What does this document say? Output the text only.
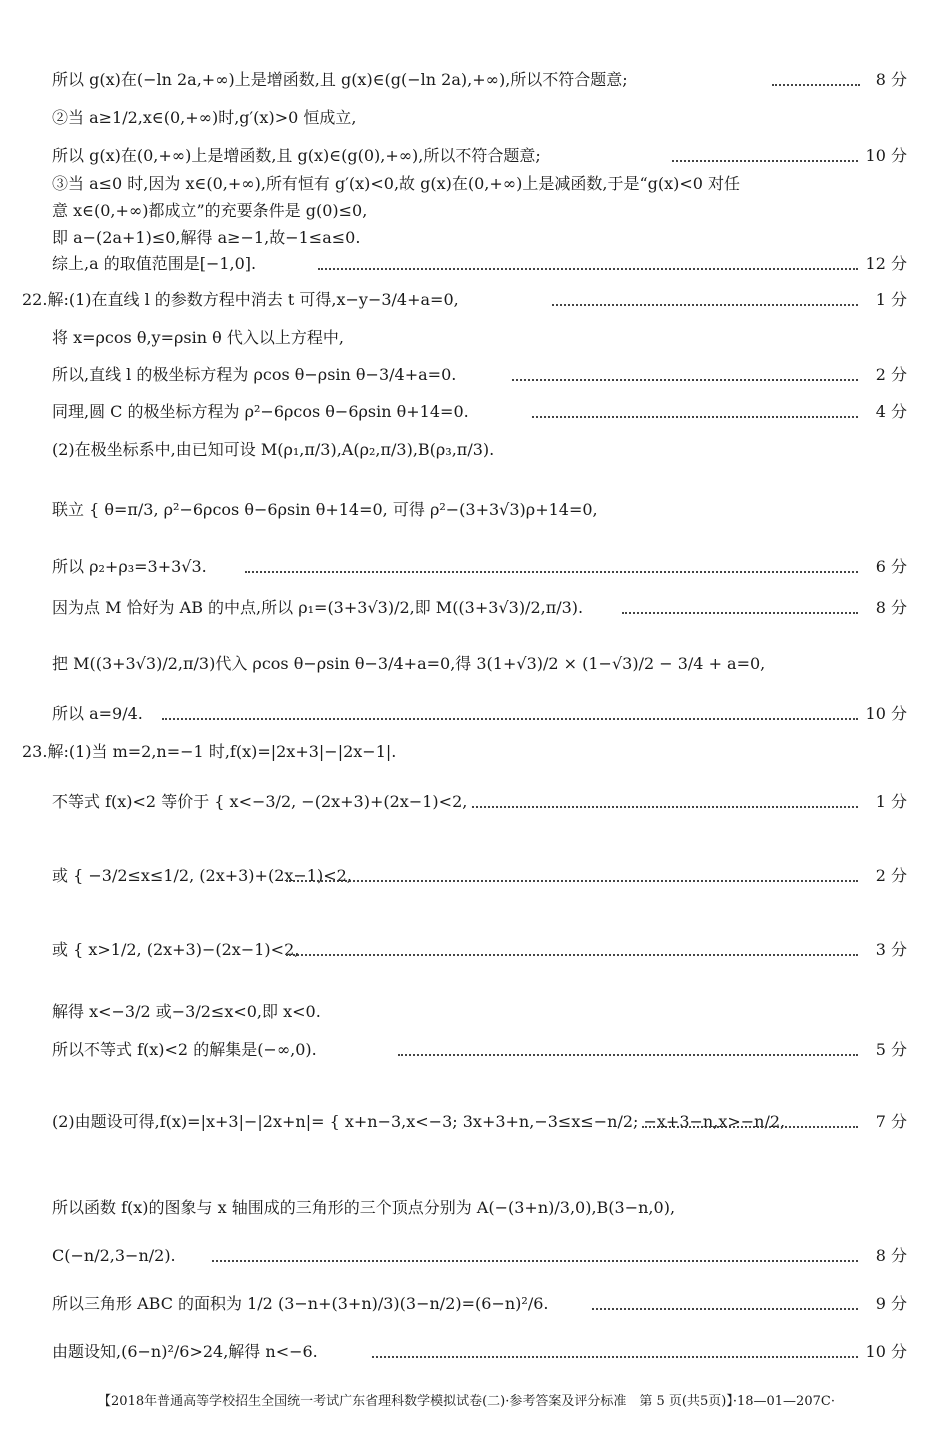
所以 g(x)在(−ln 2a,+∞)上是增函数,且 g(x)∈(g(−ln 2a),+∞),所以不符合题意;	8 分
②当 a≥1/2,x∈(0,+∞)时,g′(x)>0 恒成立,
所以 g(x)在(0,+∞)上是增函数,且 g(x)∈(g(0),+∞),所以不符合题意;	10 分
③当 a≤0 时,因为 x∈(0,+∞),所有恒有 g′(x)<0,故 g(x)在(0,+∞)上是减函数,于是“g(x)<0 对任
意 x∈(0,+∞)都成立”的充要条件是 g(0)≤0,
即 a−(2a+1)≤0,解得 a≥−1,故−1≤a≤0.
综上,a 的取值范围是[−1,0].	12 分
22.解:(1)在直线 l 的参数方程中消去 t 可得,x−y−3/4+a=0,	1 分
将 x=ρcos θ,y=ρsin θ 代入以上方程中,
所以,直线 l 的极坐标方程为 ρcos θ−ρsin θ−3/4+a=0.	2 分
同理,圆 C 的极坐标方程为 ρ²−6ρcos θ−6ρsin θ+14=0.	4 分
(2)在极坐标系中,由已知可设 M(ρ₁,π/3),A(ρ₂,π/3),B(ρ₃,π/3).
联立 { θ=π/3, ρ²−6ρcos θ−6ρsin θ+14=0, 可得 ρ²−(3+3√3)ρ+14=0,
所以 ρ₂+ρ₃=3+3√3.	6 分
因为点 M 恰好为 AB 的中点,所以 ρ₁=(3+3√3)/2,即 M((3+3√3)/2,π/3).	8 分
把 M((3+3√3)/2,π/3)代入 ρcos θ−ρsin θ−3/4+a=0,得 3(1+√3)/2 × (1−√3)/2 − 3/4 + a=0,
所以 a=9/4.	10 分
23.解:(1)当 m=2,n=−1 时,f(x)=|2x+3|−|2x−1|.
不等式 f(x)<2 等价于 { x<−3/2, −(2x+3)+(2x−1)<2,	1 分
或 { −3/2≤x≤1/2, (2x+3)+(2x−1)<2,	2 分
或 { x>1/2, (2x+3)−(2x−1)<2,	3 分
解得 x<−3/2 或−3/2≤x<0,即 x<0.
所以不等式 f(x)<2 的解集是(−∞,0).	5 分
(2)由题设可得,f(x)=|x+3|−|2x+n|= { x+n−3,x<−3; 3x+3+n,−3≤x≤−n/2; −x+3−n,x>−n/2,	7 分
所以函数 f(x)的图象与 x 轴围成的三角形的三个顶点分别为 A(−(3+n)/3,0),B(3−n,0),
C(−n/2,3−n/2).	8 分
所以三角形 ABC 的面积为 1/2 (3−n+(3+n)/3)(3−n/2)=(6−n)²/6.	9 分
由题设知,(6−n)²/6>24,解得 n<−6.	10 分
【2018年普通高等学校招生全国统一考试广东省理科数学模拟试卷(二)·参考答案及评分标准　第 5 页(共5页)】·18—01—207C·
